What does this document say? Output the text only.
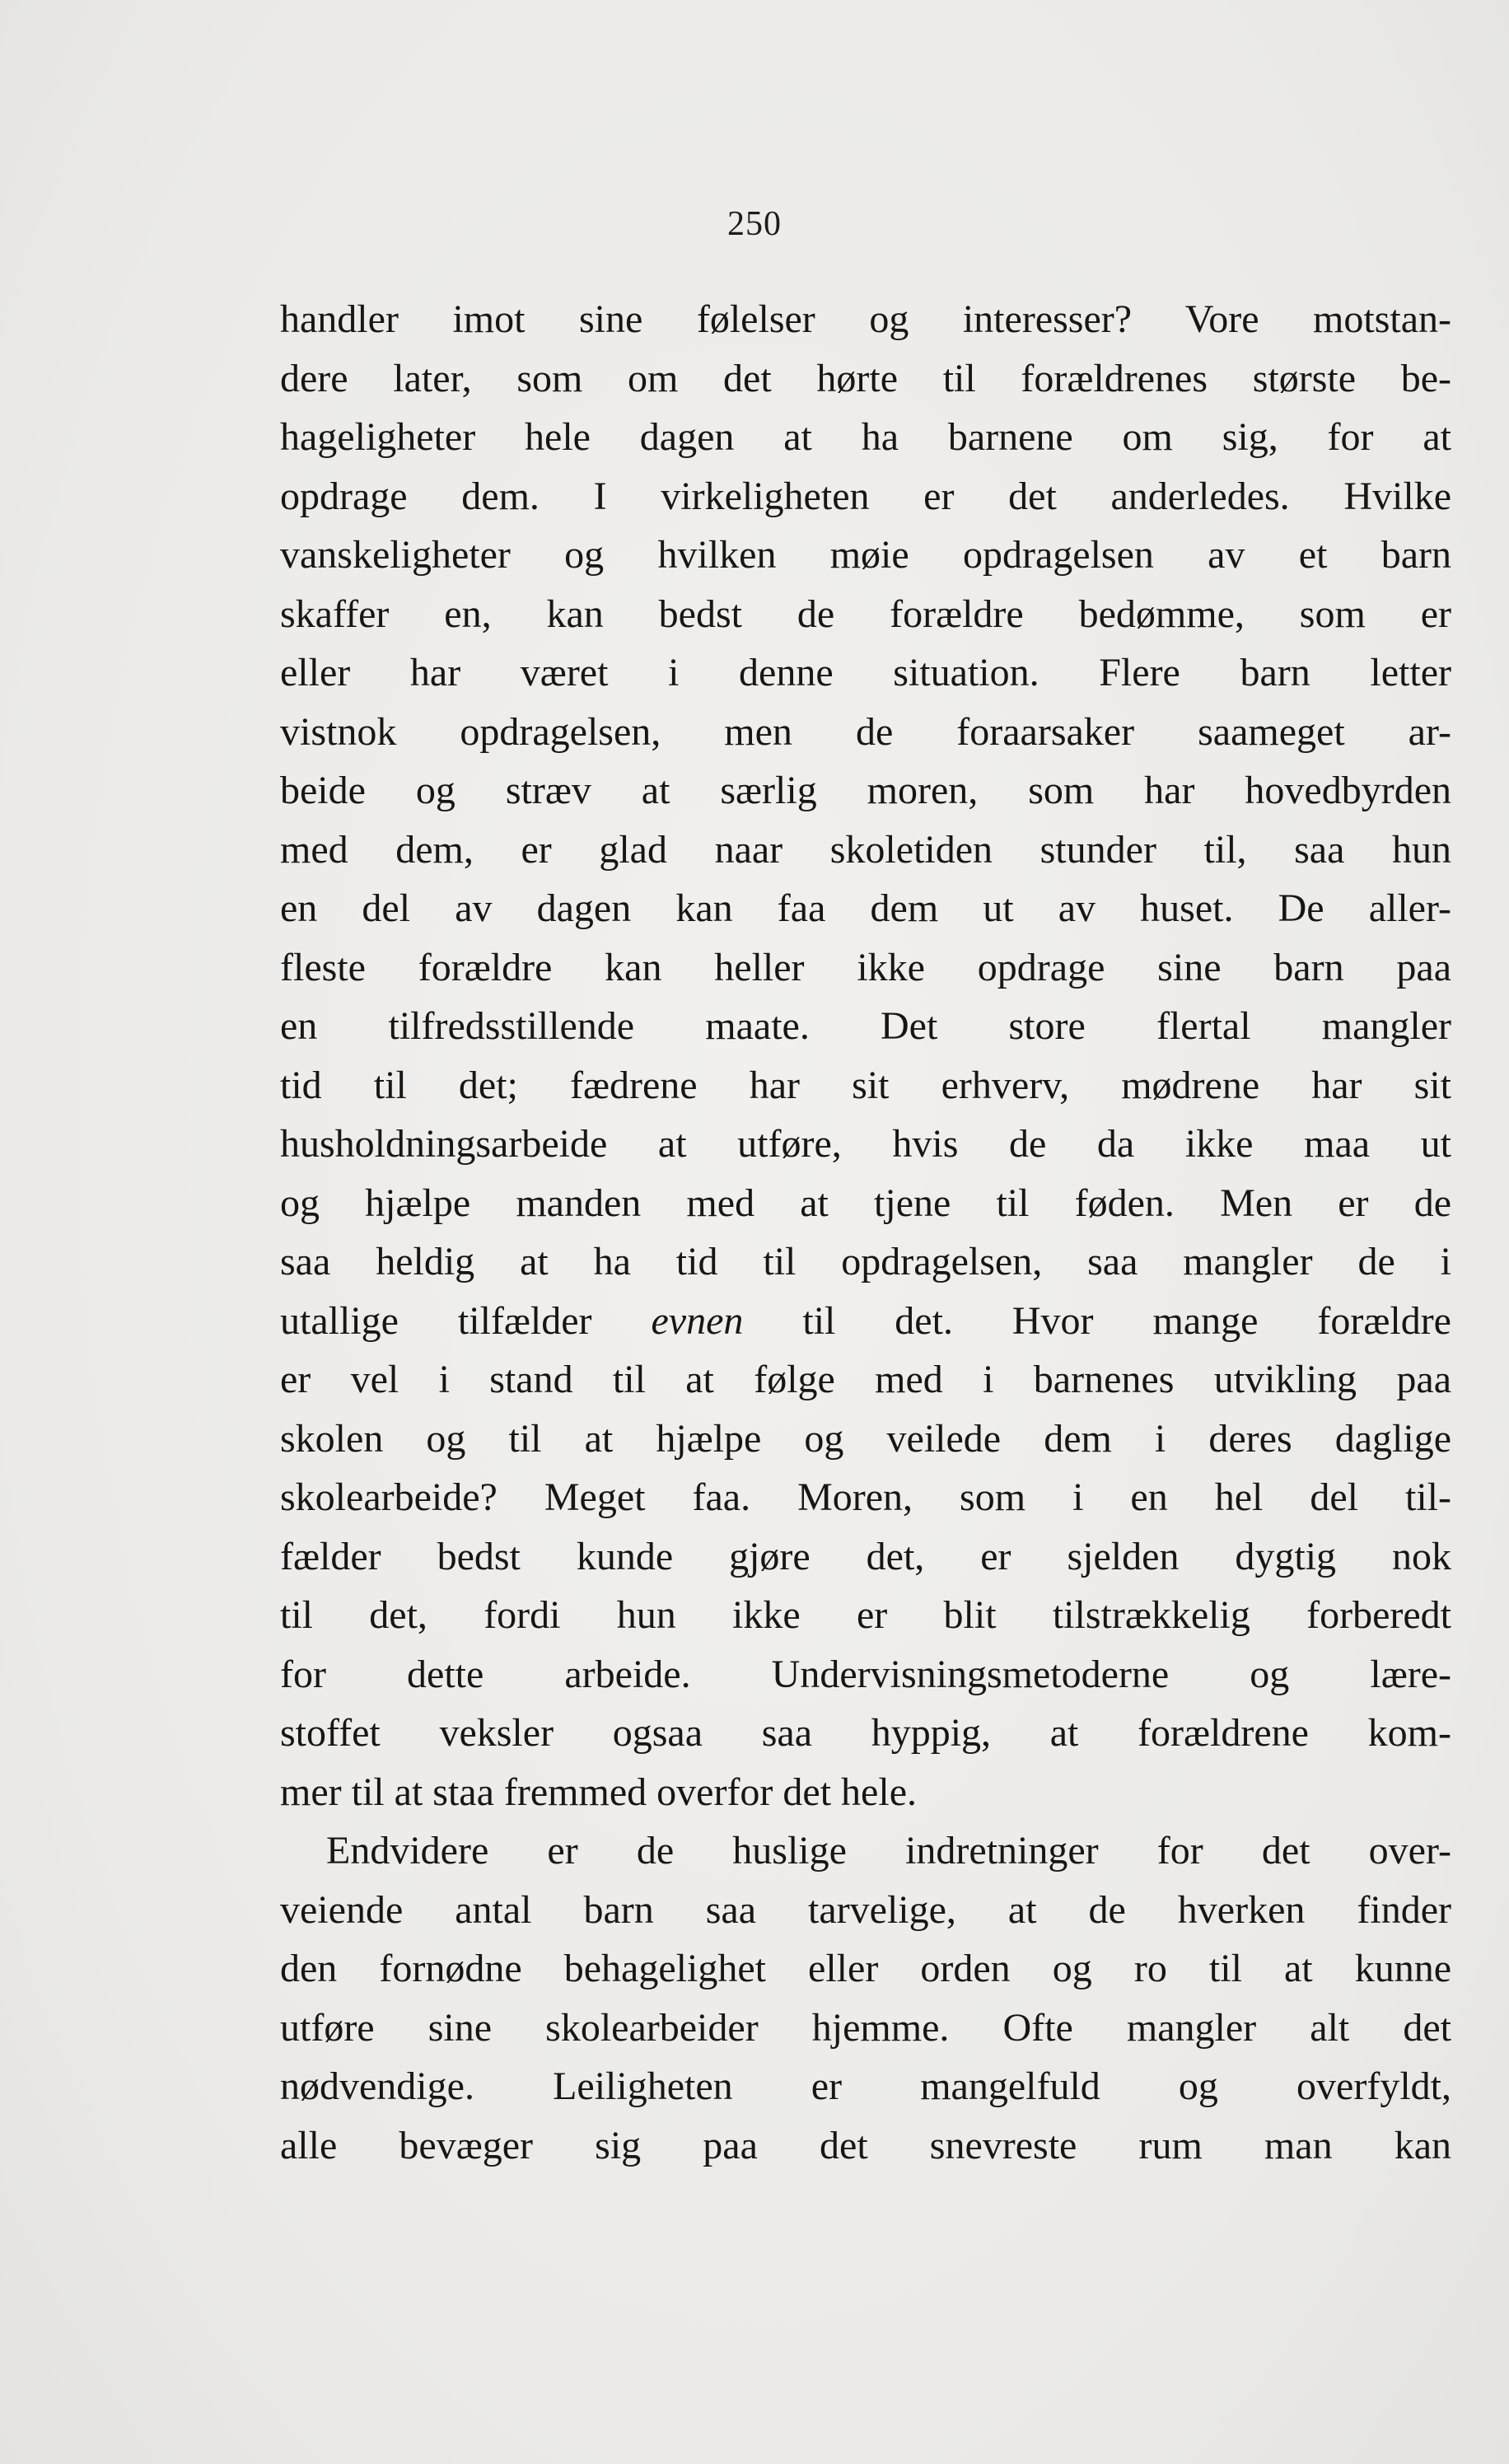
250
handler imot sine følelser og interesser? Vore motstan-
dere later, som om det hørte til forældrenes største be-
hageligheter hele dagen at ha barnene om sig, for at
opdrage dem. I virkeligheten er det anderledes. Hvilke
vanskeligheter og hvilken møie opdragelsen av et barn
skaffer en, kan bedst de forældre bedømme, som er
eller har været i denne situation. Flere barn letter
vistnok opdragelsen, men de foraarsaker saameget ar-
beide og stræv at særlig moren, som har hovedbyrden
med dem, er glad naar skoletiden stunder til, saa hun
en del av dagen kan faa dem ut av huset. De aller-
fleste forældre kan heller ikke opdrage sine barn paa
en tilfredsstillende maate. Det store flertal mangler
tid til det; fædrene har sit erhverv, mødrene har sit
husholdningsarbeide at utføre, hvis de da ikke maa ut
og hjælpe manden med at tjene til føden. Men er de
saa heldig at ha tid til opdragelsen, saa mangler de i
utallige tilfælder evnen til det. Hvor mange forældre
er vel i stand til at følge med i barnenes utvikling paa
skolen og til at hjælpe og veilede dem i deres daglige
skolearbeide? Meget faa. Moren, som i en hel del til-
fælder bedst kunde gjøre det, er sjelden dygtig nok
til det, fordi hun ikke er blit tilstrækkelig forberedt
for dette arbeide. Undervisningsmetoderne og lære-
stoffet veksler ogsaa saa hyppig, at forældrene kom-
mer til at staa fremmed overfor det hele.
Endvidere er de huslige indretninger for det over-
veiende antal barn saa tarvelige, at de hverken finder
den fornødne behagelighet eller orden og ro til at kunne
utføre sine skolearbeider hjemme. Ofte mangler alt det
nødvendige. Leiligheten er mangelfuld og overfyldt,
alle bevæger sig paa det snevreste rum man kan
